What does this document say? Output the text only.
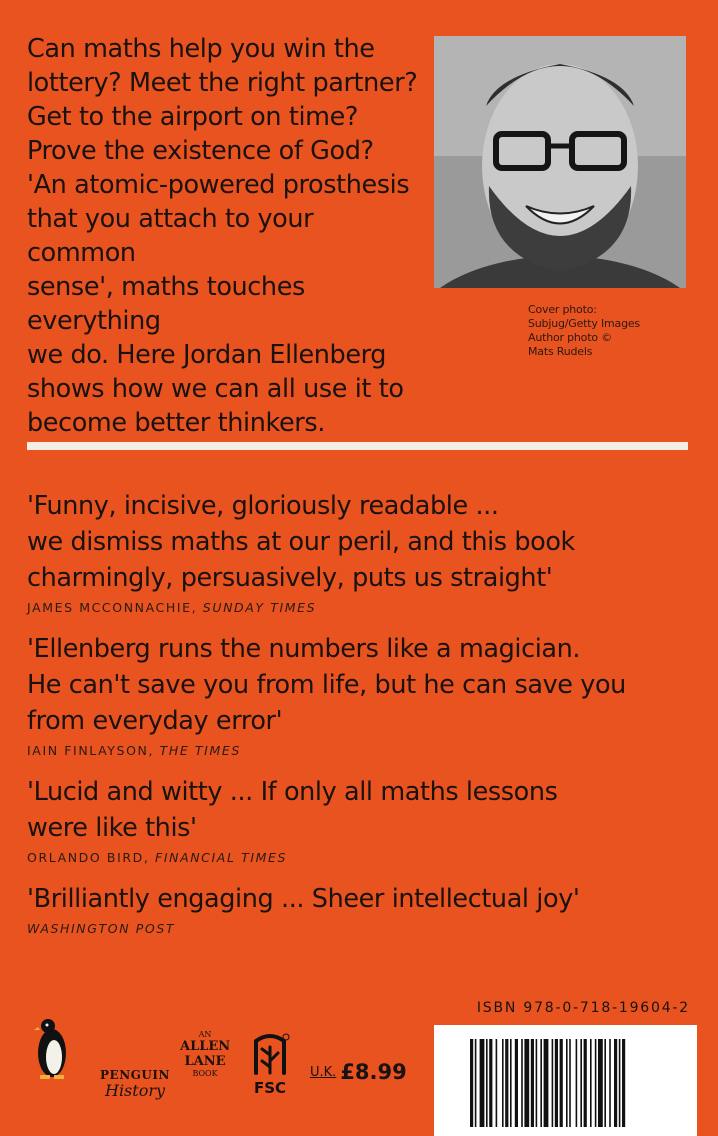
Can maths help you win the

lottery? Meet the right partner?

Get to the airport on time?

Prove the existence of God?

'An atomic-powered prosthesis

that you attach to your common

sense', maths touches everything

we do. Here Jordan Ellenberg

shows how we can all use it to

become better thinkers.

Cover photo:
Subjug/Getty Images
Author photo ©
Mats Rudels
'Funny, incisive, gloriously readable ...
we dismiss maths at our peril, and this book
charmingly, persuasively, puts us straight'
JAMES MCCONNACHIE, SUNDAY TIMES
'Ellenberg runs the numbers like a magician.
He can't save you from life, but he can save you
from everyday error'
IAIN FINLAYSON, THE TIMES
'Lucid and witty ... If only all maths lessons
were like this'
ORLANDO BIRD, FINANCIAL TIMES
'Brilliantly engaging ... Sheer intellectual joy'
WASHINGTON POST
ISBN 978-0-718-19604-2
PENGUIN
History
AN
ALLEN
LANE
BOOK
FSC
U.K. £8.99
